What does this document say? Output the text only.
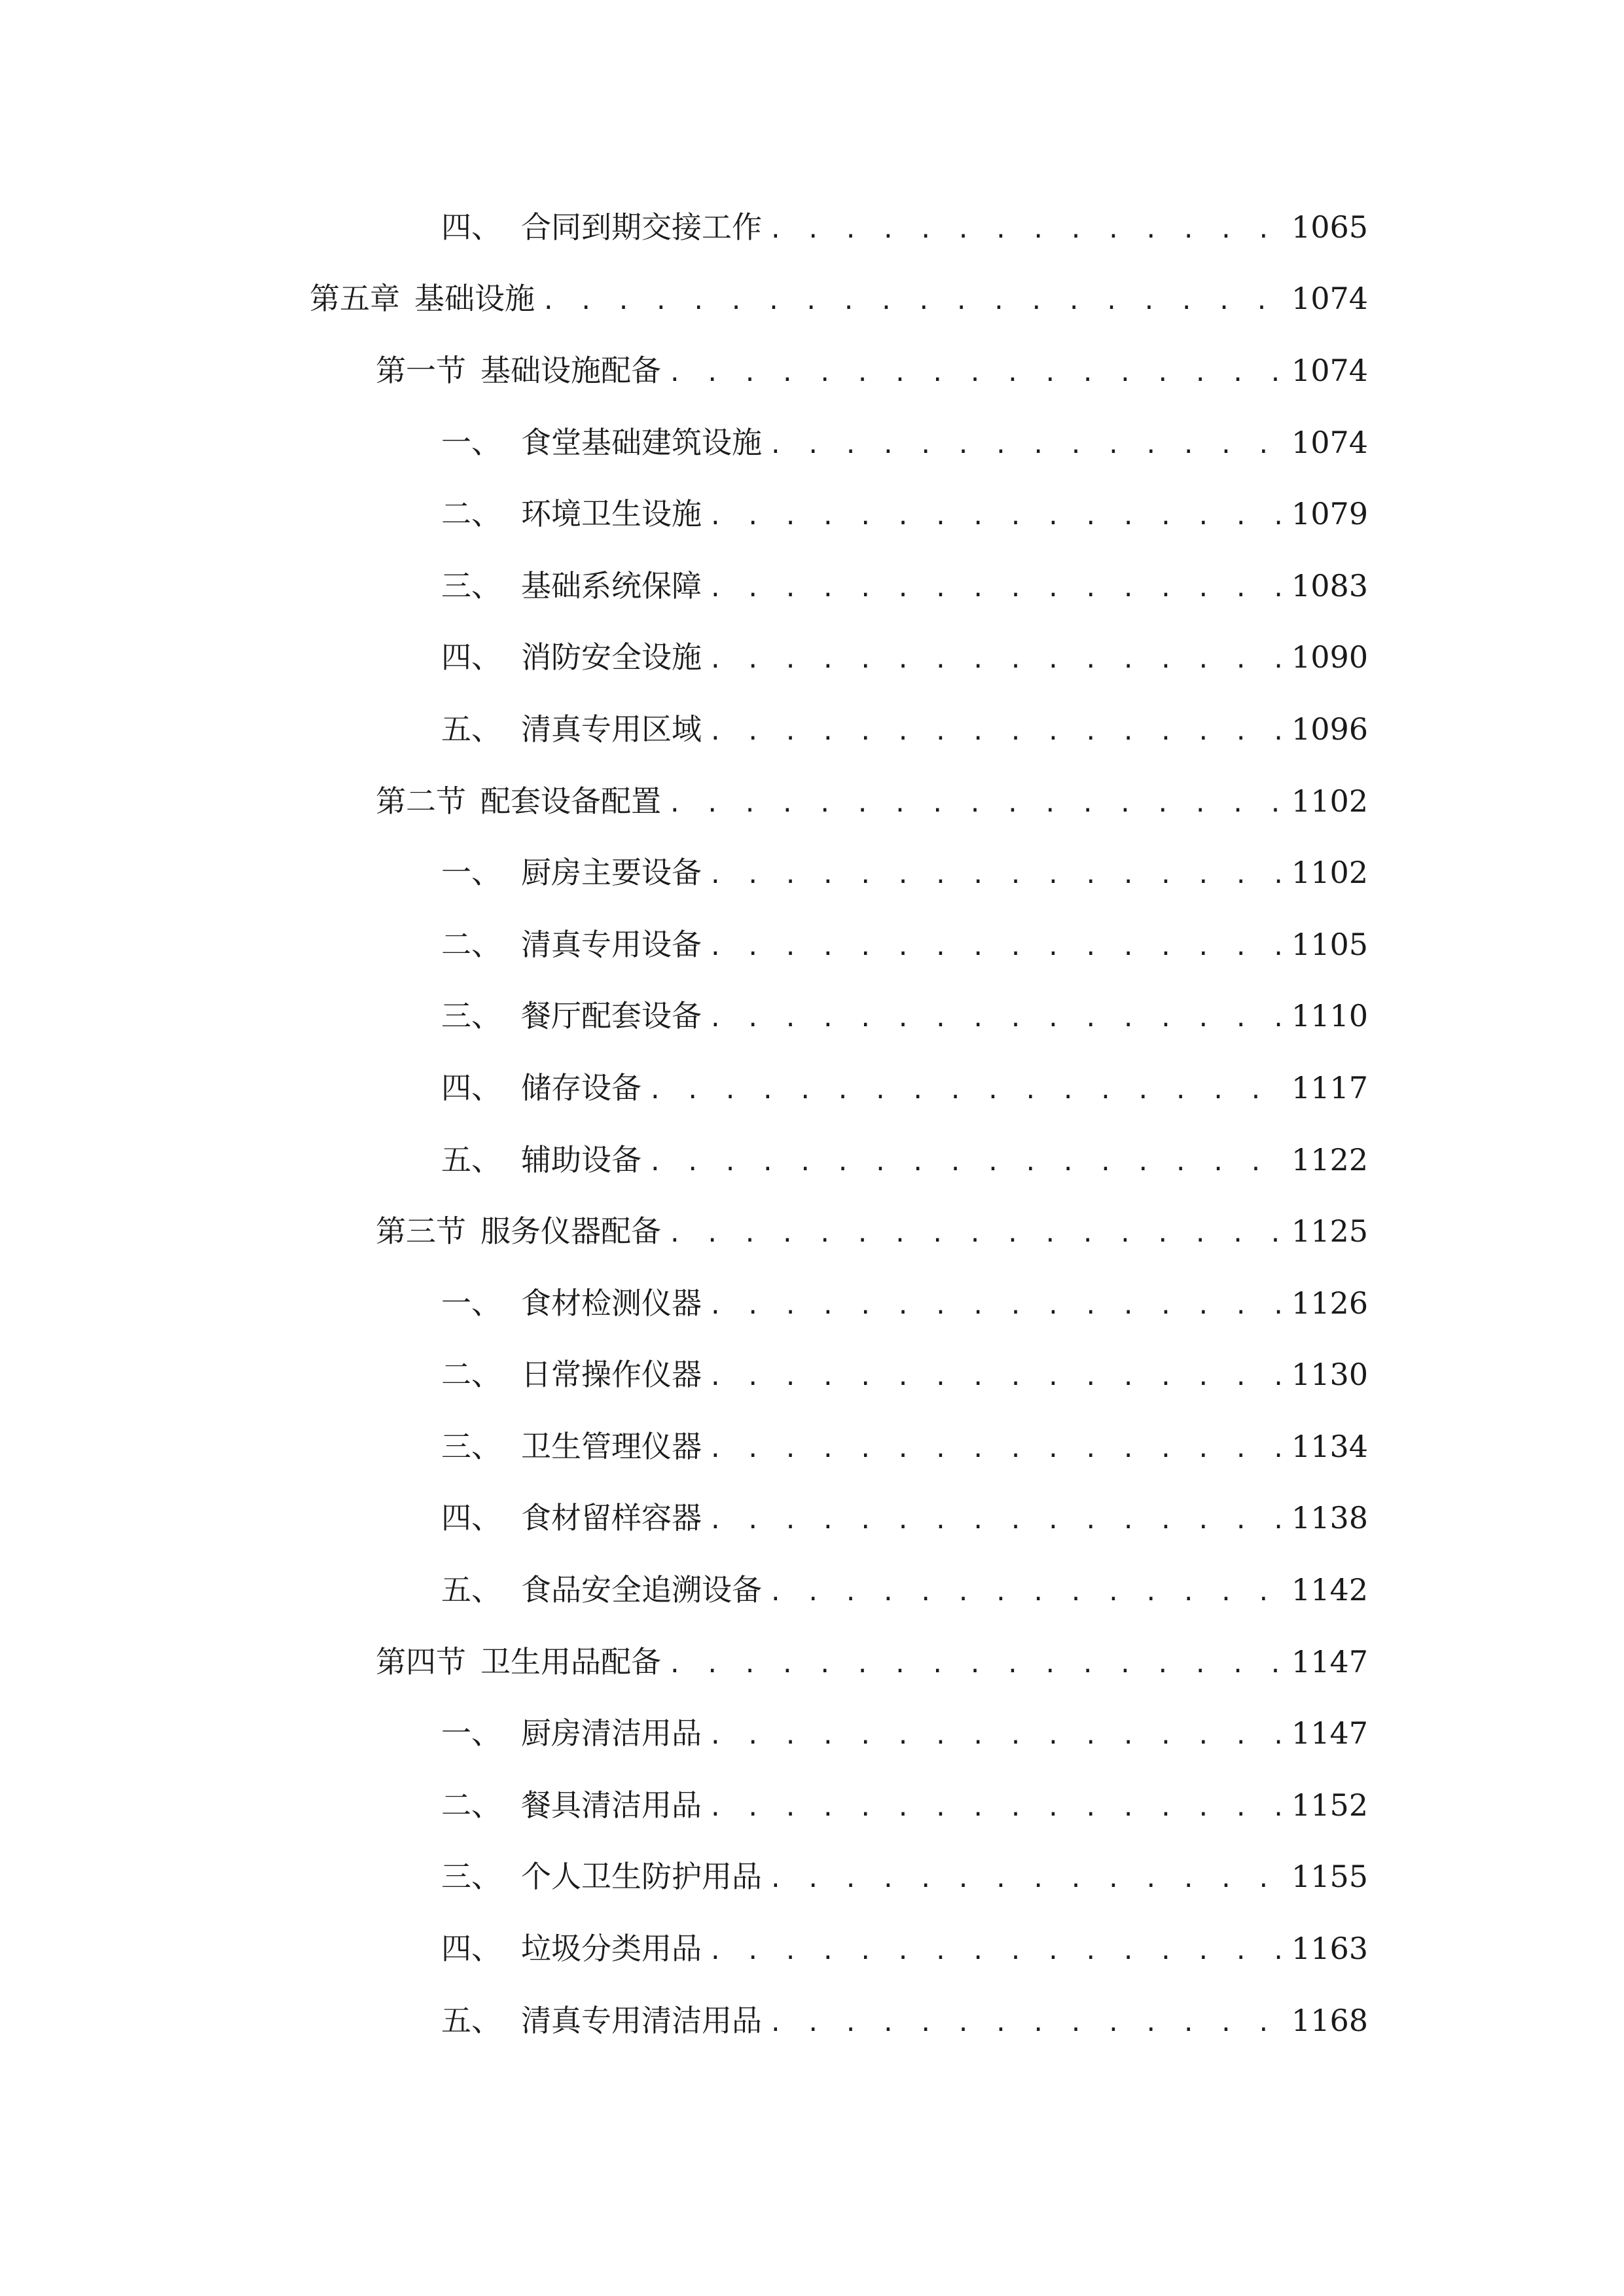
四、 合同到期交接工作 . . .	1065
第五章 基础设施 . . .	1074
第一节 基础设施配备 . . .	1074
一、 食堂基础建筑设施 . . .	1074
二、 环境卫生设施 . . .	1079
三、 基础系统保障 . . .	1083
四、 消防安全设施 . . .	1090
五、 清真专用区域 . . .	1096
第二节 配套设备配置 . . .	1102
一、 厨房主要设备 . . .	1102
二、 清真专用设备 . . .	1105
三、 餐厅配套设备 . . .	1110
四、 储存设备 . . .	1117
五、 辅助设备 . . .	1122
第三节 服务仪器配备 . . .	1125
一、 食材检测仪器 . . .	1126
二、 日常操作仪器 . . .	1130
三、 卫生管理仪器 . . .	1134
四、 食材留样容器 . . .	1138
五、 食品安全追溯设备 . . .	1142
第四节 卫生用品配备 . . .	1147
一、 厨房清洁用品 . . .	1147
二、 餐具清洁用品 . . .	1152
三、 个人卫生防护用品 . . .	1155
四、 垃圾分类用品 . . .	1163
五、 清真专用清洁用品 . . .	1168
